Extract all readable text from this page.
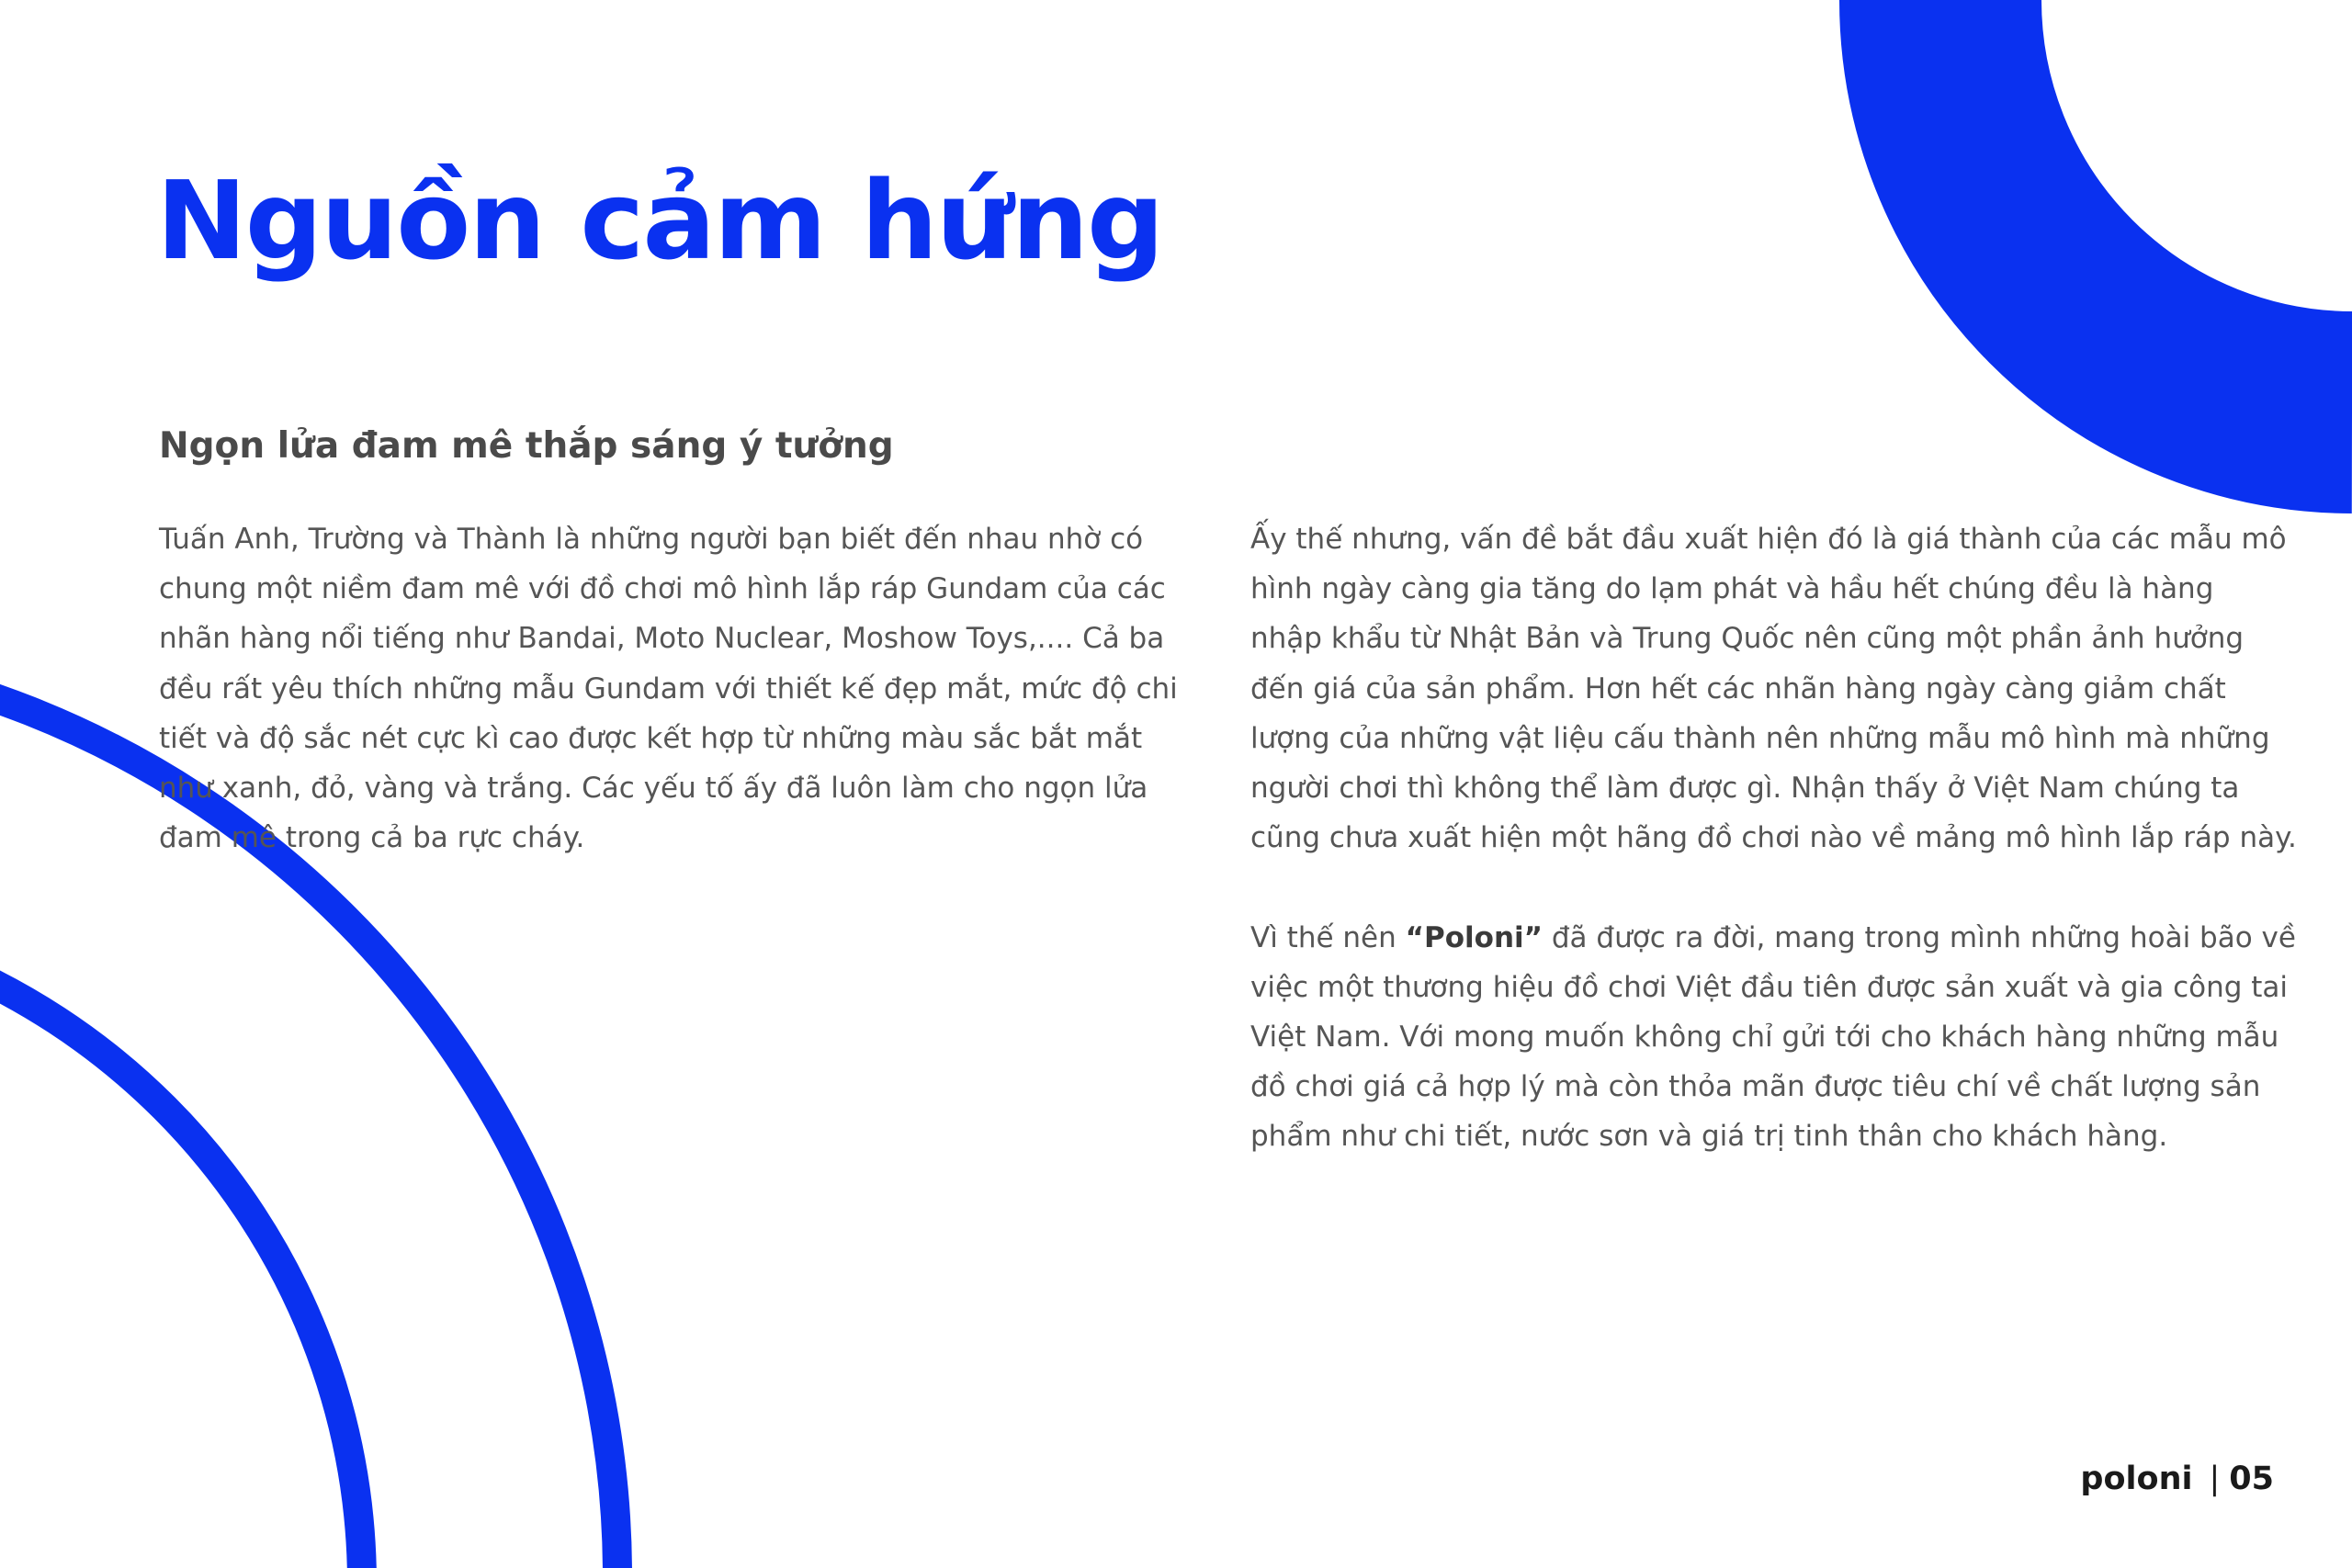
Nguồn cảm hứng
Ngọn lửa đam mê thắp sáng ý tưởng

Tuấn Anh, Trường và Thành là những người bạn biết đến nhau nhờ có
chung một niềm đam mê với đồ chơi mô hình lắp ráp Gundam của các
nhãn hàng nổi tiếng như Bandai, Moto Nuclear, Moshow Toys,.... Cả ba
đều rất yêu thích những mẫu Gundam với thiết kế đẹp mắt, mức độ chi
tiết và độ sắc nét cực kì cao được kết hợp từ những màu sắc bắt mắt
như xanh, đỏ, vàng và trắng. Các yếu tố ấy đã luôn làm cho ngọn lửa
đam mê trong cả ba rực cháy.

Ấy thế nhưng, vấn đề bắt đầu xuất hiện đó là giá thành của các mẫu mô
hình ngày càng gia tăng do lạm phát và hầu hết chúng đều là hàng
nhập khẩu từ Nhật Bản và Trung Quốc nên cũng một phần ảnh hưởng
đến giá của sản phẩm. Hơn hết các nhãn hàng ngày càng giảm chất
lượng của những vật liệu cấu thành nên những mẫu mô hình mà những
người chơi thì không thể làm được gì. Nhận thấy ở Việt Nam chúng ta
cũng chưa xuất hiện một hãng đồ chơi nào về mảng mô hình lắp ráp này.

Vì thế nên “Poloni” đã được ra đời, mang trong mình những hoài bão về
việc một thương hiệu đồ chơi Việt đầu tiên được sản xuất và gia công tai
Việt Nam. Với mong muốn không chỉ gửi tới cho khách hàng những mẫu
đồ chơi giá cả hợp lý mà còn thỏa mãn được tiêu chí về chất lượng sản
phẩm như chi tiết, nước sơn và giá trị tinh thân cho khách hàng.

poloni | 05
